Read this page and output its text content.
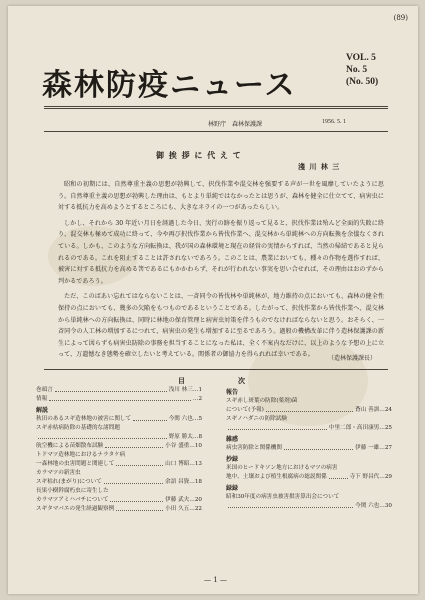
(89)
森林防疫ニュース
VOL. 5
No. 5
(No. 50)
林野庁　森林保護課	1956. 5. 1
御 挨 拶 に 代 え て
淺 川 林 三

昭和の初期には、自然尊重主義の思想が勃興して、択伐作業や混交林を强要する声が一世を風靡していたように思う。自然尊重主義の思想が勃興した理由は、もとより単純ではなかったとは思うが、森林を健全に仕立てて、病害虫に対する抵抗力を高めようとするところにも、大きなネライの一つがあったらしい。

しかし、それから 30 年近い月日を経過した今日、実行の跡を振り返って見ると、択伐作業は殆んど全面的失敗に終り、混交林も極めて成功に終って、今や再び択伐作業から皆伐作業へ、混交林から単純林への方向転換を余儀なくされている。しかも、このような方向転換は、我が国の森林環境と現在の経営の実情からすれば、当然の帰結であると見られるのである。これを阻止することは許されないであろう。このことは、農業においても、種々の作物を選作すれば、被害に対する抵抗力を高める筈であるにもかかわらず、それが行われない事実を思い合せれば、その理由はおのずから判かるであろう。

ただ、このばあい忘れてはならないことは、一斉同令の皆伐林や単純林が、地力維持の点においても、森林の健全性保持の点においても、幾多の欠陥をもつものであるということである。したがって、択伐作業から皆伐作業へ、混交林から単純林への方向転換は、同時に林地の保育管理と病害虫対策を伴うものでなければならないと思う。おそらく、一斉同令の人工林の増加するにつれて、病害虫の発生も増加するに至るであろう。過般の機構改革に伴う造林保護課の新生によって図らずも病害虫防除の事務を担当することになった私は、全く不案内なだけに、以上のような予想の上に立って、万遺憾なき態勢を確立したいと考えている。関係者の御協力を得られれば幸いである。

（造林保護課長）
目	次
巻頭言	浅川 林三…1
情報	…2
解説
秋田のあるスギ造林地の被害に関して	今関 六也…5
スギ赤枯病防除の基礎的な諸問題
野原 勝太…8
航空機による苗畑散布試験	小谷 盛重…10
トドマツ造林地におけるナラタケ病
一森林地の虫害問題と関連して	山口 博昭…13
カラマツの新害虫
スギ枯れ(まがり)について	余語 昌資…18
長果小樹幹腐朽虫に寄生した
カラマツアミハバチについて	伊藤 武夫…20
スギタマバエの発生経過観察例	小田 久五…22
報告
スギ赤し斑葉の防除(薬剤)菌
について(予報)	蒼山 善訓…24
スギノハダニの防除試験
中里二郎・高田康男…25
雑感
病虫害防除と関係機関	伊藤 一雄…27
抄録
米国のヒードキソン地方におけるマツの病害
地中、土壌および植生根腐病の総説関係	寺下 野昌代…29
録録
昭和30年度の病害虫被害損害算出会について
今関 六也…30
— 1 —
